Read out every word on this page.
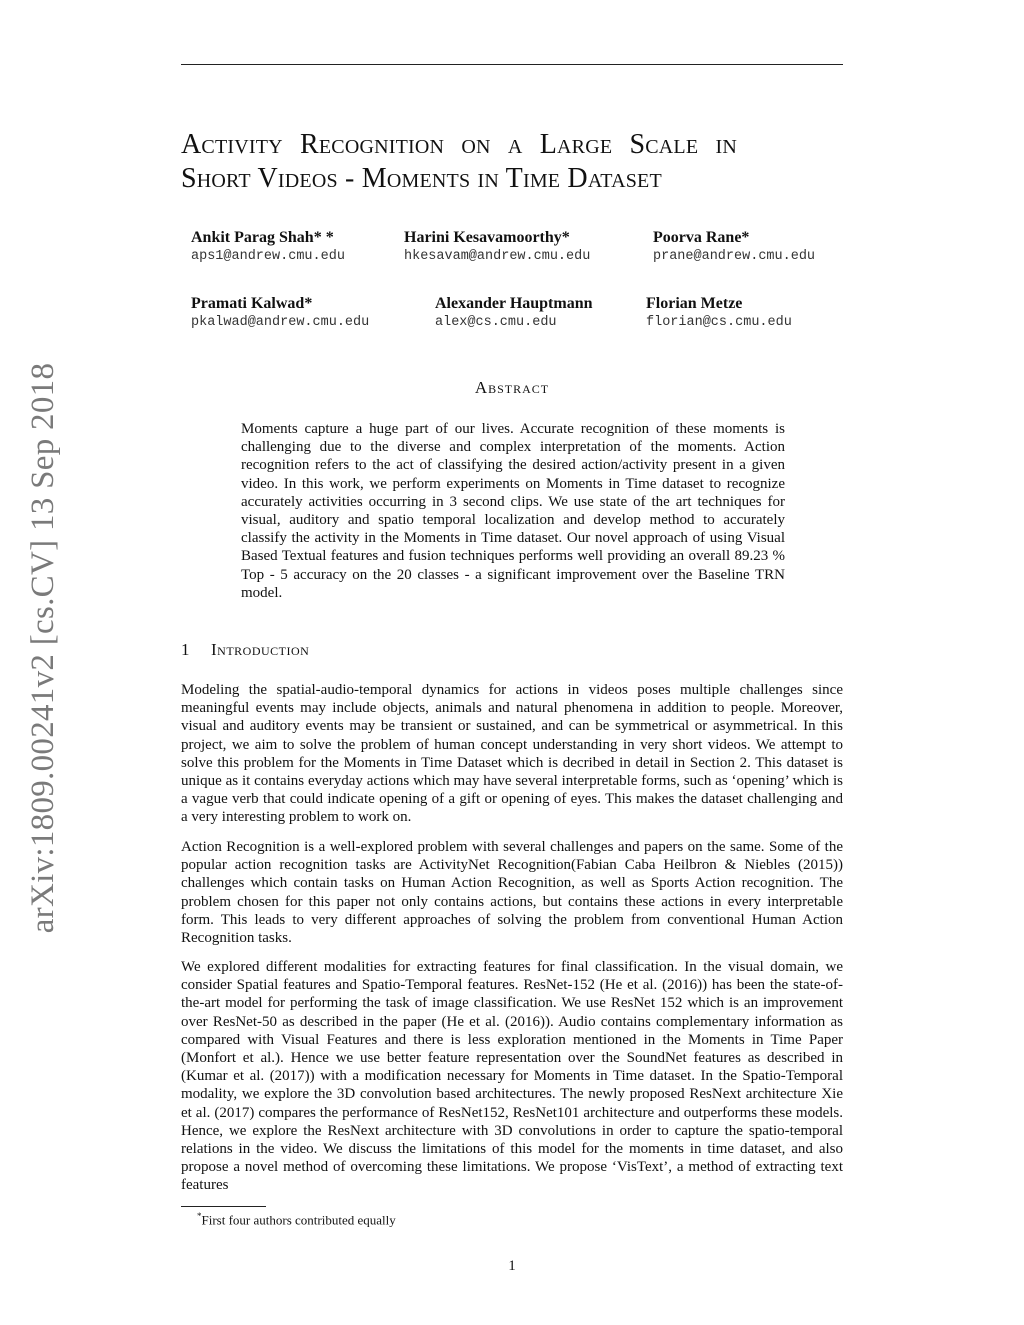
arXiv:1809.00241v2 [cs.CV] 13 Sep 2018
Activity Recognition on a Large Scale in
Short Videos - Moments in Time Dataset
Ankit Parag Shah* *
aps1@andrew.cmu.edu
Harini Kesavamoorthy*
hkesavam@andrew.cmu.edu
Poorva Rane*
prane@andrew.cmu.edu
Pramati Kalwad*
pkalwad@andrew.cmu.edu
Alexander Hauptmann
alex@cs.cmu.edu
Florian Metze
florian@cs.cmu.edu
Abstract

Moments capture a huge part of our lives. Accurate recognition of these moments is challenging due to the diverse and complex interpretation of the moments. Action recognition refers to the act of classifying the desired action/activity present in a given video. In this work, we perform experiments on Moments in Time dataset to recognize accurately activities occurring in 3 second clips. We use state of the art techniques for visual, auditory and spatio temporal localization and develop method to accurately classify the activity in the Moments in Time dataset. Our novel approach of using Visual Based Textual features and fusion techniques performs well providing an overall 89.23 % Top - 5 accuracy on the 20 classes - a significant improvement over the Baseline TRN model.

1 Introduction

Modeling the spatial-audio-temporal dynamics for actions in videos poses multiple challenges since meaningful events may include objects, animals and natural phenomena in addition to people. Moreover, visual and auditory events may be transient or sustained, and can be symmetrical or asymmetrical. In this project, we aim to solve the problem of human concept understanding in very short videos. We attempt to solve this problem for the Moments in Time Dataset which is decribed in detail in Section 2. This dataset is unique as it contains everyday actions which may have several interpretable forms, such as ‘opening’ which is a vague verb that could indicate opening of a gift or opening of eyes. This makes the dataset challenging and a very interesting problem to work on.

Action Recognition is a well-explored problem with several challenges and papers on the same. Some of the popular action recognition tasks are ActivityNet Recognition(Fabian Caba Heilbron & Niebles (2015)) challenges which contain tasks on Human Action Recognition, as well as Sports Action recognition. The problem chosen for this paper not only contains actions, but contains these actions in every interpretable form. This leads to very different approaches of solving the problem from conventional Human Action Recognition tasks.

We explored different modalities for extracting features for final classification. In the visual domain, we consider Spatial features and Spatio-Temporal features. ResNet-152 (He et al. (2016)) has been the state-of-the-art model for performing the task of image classification. We use ResNet 152 which is an improvement over ResNet-50 as described in the paper (He et al. (2016)). Audio contains complementary information as compared with Visual Features and there is less exploration mentioned in the Moments in Time Paper (Monfort et al.). Hence we use better feature representation over the SoundNet features as described in (Kumar et al. (2017)) with a modification necessary for Moments in Time dataset. In the Spatio-Temporal modality, we explore the 3D convolution based architectures. The newly proposed ResNext architecture Xie et al. (2017) compares the performance of ResNet152, ResNet101 architecture and outperforms these models. Hence, we explore the ResNext architecture with 3D convolutions in order to capture the spatio-temporal relations in the video. We discuss the limitations of this model for the moments in time dataset, and also propose a novel method of overcoming these limitations. We propose ‘VisText’, a method of extracting text features

*First four authors contributed equally
1
